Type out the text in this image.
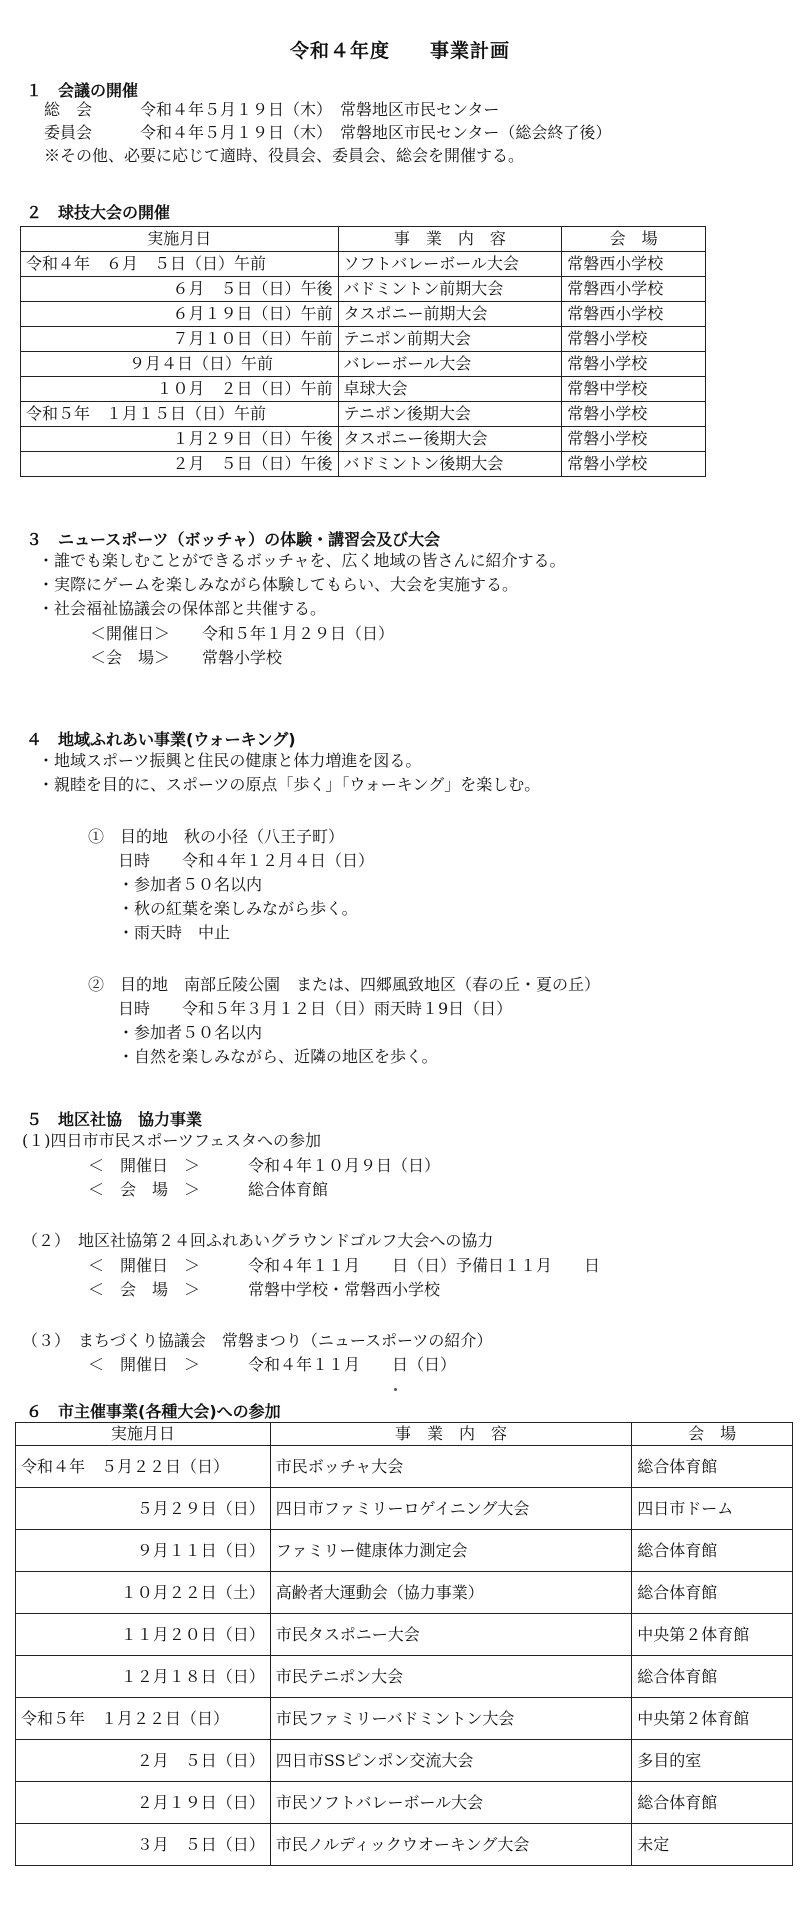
令和４年度　　事業計画
１　会議の開催
総　会　　　令和４年５月１９日（木）　常磐地区市民センター
委員会　　　令和４年５月１９日（木）　常磐地区市民センター（総会終了後）
※その他、必要に応じて適時、役員会、委員会、総会を開催する。
２　球技大会の開催
実施月日	事　業　内　容	会　場
令和４年　６月　５日（日）午前	ソフトバレーボール大会	常磐西小学校
６月　５日（日）午後	バドミントン前期大会	常磐西小学校
６月１９日（日）午前	タスポニー前期大会	常磐西小学校
７月１０日（日）午前	テニポン前期大会	常磐小学校
９月４日（日）午前	バレーボール大会	常磐小学校
１０月　２日（日）午前	卓球大会	常磐中学校
令和５年　１月１５日（日）午前	テニポン後期大会	常磐小学校
１月２９日（日）午後	タスポニー後期大会	常磐小学校
２月　５日（日）午後	バドミントン後期大会	常磐小学校
３　ニュースポーツ（ボッチャ）の体験・講習会及び大会
・誰でも楽しむことができるボッチャを、広く地域の皆さんに紹介する。
・実際にゲームを楽しみながら体験してもらい、大会を実施する。
・社会福祉協議会の保体部と共催する。
＜開催日＞　　令和５年１月２９日（日）
＜会　場＞　　常磐小学校
４　地域ふれあい事業(ウォーキング)
・地域スポーツ振興と住民の健康と体力増進を図る。
・親睦を目的に、スポーツの原点「歩く」「ウォーキング」を楽しむ。
①　目的地　秋の小径（八王子町）
日時　　令和４年１２月４日（日）
・参加者５０名以内
・秋の紅葉を楽しみながら歩く。
・雨天時　中止
②　目的地　南部丘陵公園　または、四郷風致地区（春の丘・夏の丘）
日時　　令和５年３月１２日（日）雨天時１9日（日）
・参加者５０名以内
・自然を楽しみながら、近隣の地区を歩く。
５　地区社協　協力事業
(１)四日市市民スポーツフェスタへの参加
＜　開催日　＞　　　令和４年１０月９日（日）
＜　会　場　＞　　　総合体育館
（２）　地区社協第２４回ふれあいグラウンドゴルフ大会への協力
＜　開催日　＞　　　令和４年１１月　　日（日）予備日１１月　　日
＜　会　場　＞　　　常磐中学校・常磐西小学校
（３）　まちづくり協議会　常磐まつり（ニュースポーツの紹介）
＜　開催日　＞　　　令和４年１１月　　日（日）
６　市主催事業(各種大会)への参加
実施月日	事　業　内　容	会　場
令和４年　５月２２日（日）	市民ボッチャ大会	総合体育館
５月２９日（日）	四日市ファミリーロゲイニング大会	四日市ドーム
９月１１日（日）	ファミリー健康体力測定会	総合体育館
１０月２２日（土）	高齢者大運動会（協力事業）	総合体育館
１１月２０日（日）	市民タスポニー大会	中央第２体育館
１２月１８日（日）	市民テニポン大会	総合体育館
令和５年　１月２２日（日）	市民ファミリーバドミントン大会	中央第２体育館
２月　５日（日）	四日市SSピンポン交流大会	多目的室
２月１９日（日）	市民ソフトバレーボール大会	総合体育館
３月　５日（日）	市民ノルディックウオーキング大会	未定
